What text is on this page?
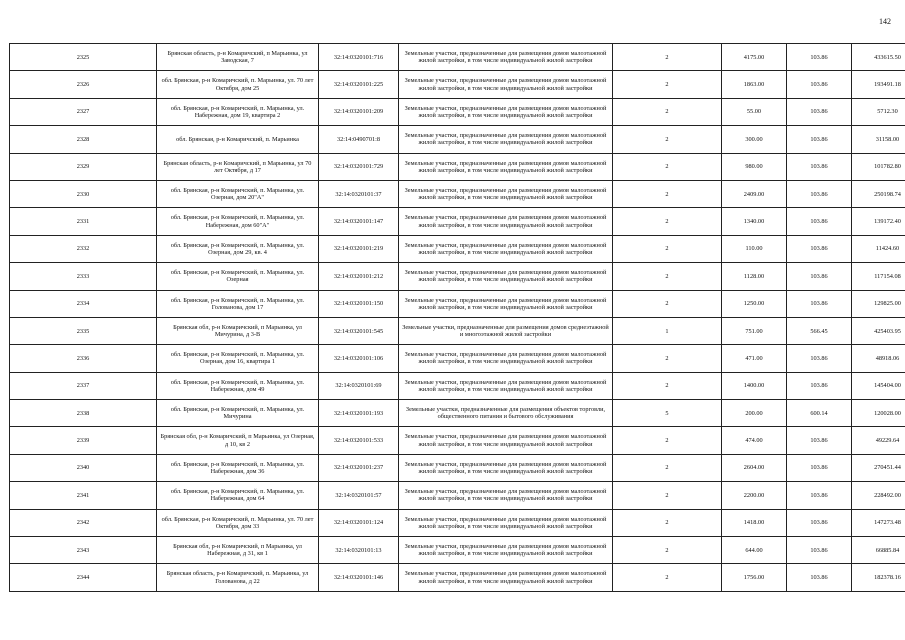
142
2325	Брянская область, р-н Комаричский, п Марьинка, ул Заводская, 7	32:14:0320101:716	Земельные участки, предназначенные для размещения домов малоэтажной жилой застройки, в том числе индивидуальной жилой застройки	2	4175.00	103.86	433615.50
2326	обл. Брянская, р-н Комаричский, п. Марьинка, ул. 70 лет Октября, дом 25	32:14:0320101:225	Земельные участки, предназначенные для размещения домов малоэтажной жилой застройки, в том числе индивидуальной жилой застройки	2	1863.00	103.86	193491.18
2327	обл. Брянская, р-н Комаричский, п. Марьинка, ул. Набережная, дом 19, квартира 2	32:14:0320101:209	Земельные участки, предназначенные для размещения домов малоэтажной жилой застройки, в том числе индивидуальной жилой застройки	2	55.00	103.86	5712.30
2328	обл. Брянская, р-н Комаричский, п. Марьинка	32:14:0490701:8	Земельные участки, предназначенные для размещения домов малоэтажной жилой застройки, в том числе индивидуальной жилой застройки	2	300.00	103.86	31158.00
2329	Брянская область, р-н Комаричский, п Марьинка, ул 70 лет Октября, д 17	32:14:0320101:729	Земельные участки, предназначенные для размещения домов малоэтажной жилой застройки, в том числе индивидуальной жилой застройки	2	980.00	103.86	101782.80
2330	обл. Брянская, р-н Комаричский, п. Марьинка, ул. Озерная, дом 20"А"	32:14:0320101:37	Земельные участки, предназначенные для размещения домов малоэтажной жилой застройки, в том числе индивидуальной жилой застройки	2	2409.00	103.86	250198.74
2331	обл. Брянская, р-н Комаричский, п. Марьинка, ул. Набережная, дом 60"А"	32:14:0320101:147	Земельные участки, предназначенные для размещения домов малоэтажной жилой застройки, в том числе индивидуальной жилой застройки	2	1340.00	103.86	139172.40
2332	обл. Брянская, р-н Комаричский, п. Марьинка, ул. Озерная, дом 29, кв. 4	32:14:0320101:219	Земельные участки, предназначенные для размещения домов малоэтажной жилой застройки, в том числе индивидуальной жилой застройки	2	110.00	103.86	11424.60
2333	обл. Брянская, р-н Комаричский, п. Марьинка, ул. Озерная	32:14:0320101:212	Земельные участки, предназначенные для размещения домов малоэтажной жилой застройки, в том числе индивидуальной жилой застройки	2	1128.00	103.86	117154.08
2334	обл. Брянская, р-н Комаричский, п. Марьинка, ул. Голованова, дом 17	32:14:0320101:150	Земельные участки, предназначенные для размещения домов малоэтажной жилой застройки, в том числе индивидуальной жилой застройки	2	1250.00	103.86	129825.00
2335	Брянская обл, р-н Комаричский, п Марьинка, ул Мичурина, д 3-В	32:14:0320101:545	Земельные участки, предназначенные для размещения домов среднеэтажной и многоэтажной жилой застройки	1	751.00	566.45	425403.95
2336	обл. Брянская, р-н Комаричский, п. Марьинка, ул. Озерная, дом 16, квартира 1	32:14:0320101:106	Земельные участки, предназначенные для размещения домов малоэтажной жилой застройки, в том числе индивидуальной жилой застройки	2	471.00	103.86	48918.06
2337	обл. Брянская, р-н Комаричский, п. Марьинка, ул. Набережная, дом 49	32:14:0320101:69	Земельные участки, предназначенные для размещения домов малоэтажной жилой застройки, в том числе индивидуальной жилой застройки	2	1400.00	103.86	145404.00
2338	обл. Брянская, р-н Комаричский, п. Марьинка, ул. Мичурина	32:14:0320101:193	Земельные участки, предназначенные для размещения объектов торговли, общественного питания и бытового обслуживания	5	200.00	600.14	120028.00
2339	Брянская обл, р-н Комаричский, п Марьинка, ул Озерная, д 10, кв 2	32:14:0320101:533	Земельные участки, предназначенные для размещения домов малоэтажной жилой застройки, в том числе индивидуальной жилой застройки	2	474.00	103.86	49229.64
2340	обл. Брянская, р-н Комаричский, п. Марьинка, ул. Набережная, дом 36	32:14:0320101:237	Земельные участки, предназначенные для размещения домов малоэтажной жилой застройки, в том числе индивидуальной жилой застройки	2	2604.00	103.86	270451.44
2341	обл. Брянская, р-н Комаричский, п. Марьинка, ул. Набережная, дом 64	32:14:0320101:57	Земельные участки, предназначенные для размещения домов малоэтажной жилой застройки, в том числе индивидуальной жилой застройки	2	2200.00	103.86	228492.00
2342	обл. Брянская, р-н Комаричский, п. Марьинка, ул. 70 лет Октября, дом 33	32:14:0320101:124	Земельные участки, предназначенные для размещения домов малоэтажной жилой застройки, в том числе индивидуальной жилой застройки	2	1418.00	103.86	147273.48
2343	Брянская обл, р-н Комаричский, п Марьинка, ул Набережная, д 31, кв 1	32:14:0320101:13	Земельные участки, предназначенные для размещения домов малоэтажной жилой застройки, в том числе индивидуальной жилой застройки	2	644.00	103.86	66885.84
2344	Брянская область, р-н Комаричский, п. Марьинка, ул Голованова, д 22	32:14:0320101:146	Земельные участки, предназначенные для размещения домов малоэтажной жилой застройки, в том числе индивидуальной жилой застройки	2	1756.00	103.86	182378.16
